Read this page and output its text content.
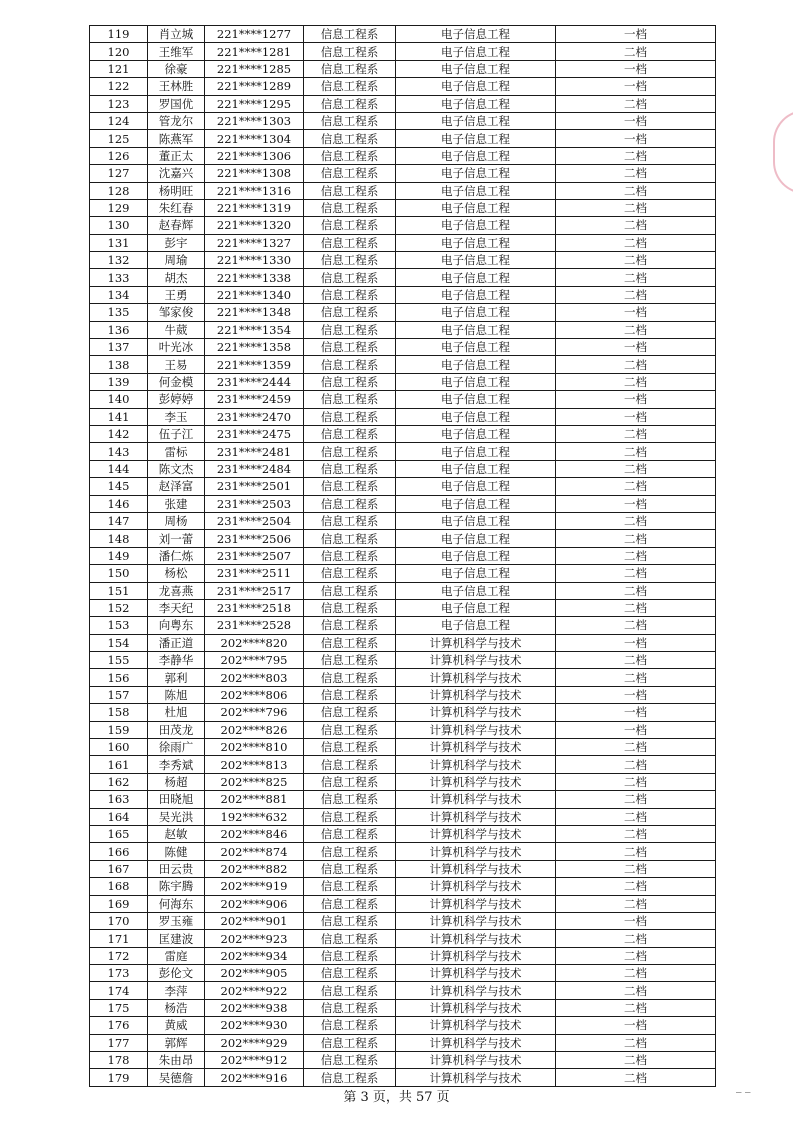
119	肖立城	221****1277	信息工程系	电子信息工程	一档
120	王维军	221****1281	信息工程系	电子信息工程	二档
121	徐豪	221****1285	信息工程系	电子信息工程	一档
122	王林胜	221****1289	信息工程系	电子信息工程	一档
123	罗国优	221****1295	信息工程系	电子信息工程	二档
124	管龙尔	221****1303	信息工程系	电子信息工程	一档
125	陈燕军	221****1304	信息工程系	电子信息工程	一档
126	董正太	221****1306	信息工程系	电子信息工程	二档
127	沈嘉兴	221****1308	信息工程系	电子信息工程	二档
128	杨明旺	221****1316	信息工程系	电子信息工程	二档
129	朱红春	221****1319	信息工程系	电子信息工程	二档
130	赵春辉	221****1320	信息工程系	电子信息工程	二档
131	彭宇	221****1327	信息工程系	电子信息工程	二档
132	周瑜	221****1330	信息工程系	电子信息工程	二档
133	胡杰	221****1338	信息工程系	电子信息工程	二档
134	王勇	221****1340	信息工程系	电子信息工程	二档
135	邹家俊	221****1348	信息工程系	电子信息工程	一档
136	牛葳	221****1354	信息工程系	电子信息工程	二档
137	叶光冰	221****1358	信息工程系	电子信息工程	一档
138	王易	221****1359	信息工程系	电子信息工程	二档
139	何金模	231****2444	信息工程系	电子信息工程	二档
140	彭婷婷	231****2459	信息工程系	电子信息工程	一档
141	李玉	231****2470	信息工程系	电子信息工程	一档
142	伍子江	231****2475	信息工程系	电子信息工程	二档
143	雷标	231****2481	信息工程系	电子信息工程	二档
144	陈文杰	231****2484	信息工程系	电子信息工程	二档
145	赵泽富	231****2501	信息工程系	电子信息工程	二档
146	张建	231****2503	信息工程系	电子信息工程	一档
147	周杨	231****2504	信息工程系	电子信息工程	二档
148	刘一蕾	231****2506	信息工程系	电子信息工程	二档
149	潘仁炼	231****2507	信息工程系	电子信息工程	二档
150	杨松	231****2511	信息工程系	电子信息工程	二档
151	龙喜燕	231****2517	信息工程系	电子信息工程	二档
152	李天纪	231****2518	信息工程系	电子信息工程	二档
153	向粤东	231****2528	信息工程系	电子信息工程	二档
154	潘正道	202****820	信息工程系	计算机科学与技术	一档
155	李静华	202****795	信息工程系	计算机科学与技术	二档
156	郭利	202****803	信息工程系	计算机科学与技术	二档
157	陈旭	202****806	信息工程系	计算机科学与技术	一档
158	杜旭	202****796	信息工程系	计算机科学与技术	一档
159	田茂龙	202****826	信息工程系	计算机科学与技术	一档
160	徐雨广	202****810	信息工程系	计算机科学与技术	二档
161	李秀斌	202****813	信息工程系	计算机科学与技术	二档
162	杨超	202****825	信息工程系	计算机科学与技术	二档
163	田晓旭	202****881	信息工程系	计算机科学与技术	二档
164	吴光洪	192****632	信息工程系	计算机科学与技术	二档
165	赵敏	202****846	信息工程系	计算机科学与技术	二档
166	陈健	202****874	信息工程系	计算机科学与技术	二档
167	田云贵	202****882	信息工程系	计算机科学与技术	二档
168	陈宇腾	202****919	信息工程系	计算机科学与技术	二档
169	何海东	202****906	信息工程系	计算机科学与技术	二档
170	罗玉雍	202****901	信息工程系	计算机科学与技术	一档
171	匡建波	202****923	信息工程系	计算机科学与技术	二档
172	雷庭	202****934	信息工程系	计算机科学与技术	二档
173	彭伦文	202****905	信息工程系	计算机科学与技术	二档
174	李萍	202****922	信息工程系	计算机科学与技术	二档
175	杨浩	202****938	信息工程系	计算机科学与技术	二档
176	黄威	202****930	信息工程系	计算机科学与技术	一档
177	郭辉	202****929	信息工程系	计算机科学与技术	二档
178	朱由昂	202****912	信息工程系	计算机科学与技术	二档
179	吴德詹	202****916	信息工程系	计算机科学与技术	二档
_ _
第 3 页，共 57 页
